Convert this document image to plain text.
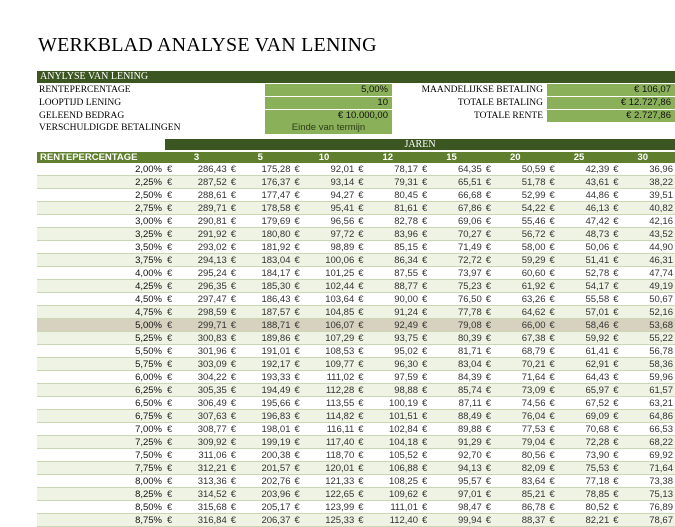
WERKBLAD ANALYSE VAN LENING
ANYLYSE VAN LENING
RENTEPERCENTAGE	5,00%	MAANDELIJKSE BETALING	€ 106,07
LOOPTIJD LENING	10	TOTALE BETALING	€ 12.727,86
GELEEND BEDRAG	€ 10.000,00	TOTALE RENTE	€ 2.727,86
VERSCHULDIGDE BETALINGEN	Einde van termijn
JAREN
RENTEPERCENTAGE	3	5	10	12	15	20	25	30
2,00% €	286,43 €	175,28 €	92,01 €	78,17 €	64,35 €	50,59 €	42,39 €	36,96
2,25% €	287,52 €	176,37 €	93,14 €	79,31 €	65,51 €	51,78 €	43,61 €	38,22
2,50% €	288,61 €	177,47 €	94,27 €	80,45 €	66,68 €	52,99 €	44,86 €	39,51
2,75% €	289,71 €	178,58 €	95,41 €	81,61 €	67,86 €	54,22 €	46,13 €	40,82
3,00% €	290,81 €	179,69 €	96,56 €	82,78 €	69,06 €	55,46 €	47,42 €	42,16
3,25% €	291,92 €	180,80 €	97,72 €	83,96 €	70,27 €	56,72 €	48,73 €	43,52
3,50% €	293,02 €	181,92 €	98,89 €	85,15 €	71,49 €	58,00 €	50,06 €	44,90
3,75% €	294,13 €	183,04 €	100,06 €	86,34 €	72,72 €	59,29 €	51,41 €	46,31
4,00% €	295,24 €	184,17 €	101,25 €	87,55 €	73,97 €	60,60 €	52,78 €	47,74
4,25% €	296,35 €	185,30 €	102,44 €	88,77 €	75,23 €	61,92 €	54,17 €	49,19
4,50% €	297,47 €	186,43 €	103,64 €	90,00 €	76,50 €	63,26 €	55,58 €	50,67
4,75% €	298,59 €	187,57 €	104,85 €	91,24 €	77,78 €	64,62 €	57,01 €	52,16
5,00% €	299,71 €	188,71 €	106,07 €	92,49 €	79,08 €	66,00 €	58,46 €	53,68
5,25% €	300,83 €	189,86 €	107,29 €	93,75 €	80,39 €	67,38 €	59,92 €	55,22
5,50% €	301,96 €	191,01 €	108,53 €	95,02 €	81,71 €	68,79 €	61,41 €	56,78
5,75% €	303,09 €	192,17 €	109,77 €	96,30 €	83,04 €	70,21 €	62,91 €	58,36
6,00% €	304,22 €	193,33 €	111,02 €	97,59 €	84,39 €	71,64 €	64,43 €	59,96
6,25% €	305,35 €	194,49 €	112,28 €	98,88 €	85,74 €	73,09 €	65,97 €	61,57
6,50% €	306,49 €	195,66 €	113,55 €	100,19 €	87,11 €	74,56 €	67,52 €	63,21
6,75% €	307,63 €	196,83 €	114,82 €	101,51 €	88,49 €	76,04 €	69,09 €	64,86
7,00% €	308,77 €	198,01 €	116,11 €	102,84 €	89,88 €	77,53 €	70,68 €	66,53
7,25% €	309,92 €	199,19 €	117,40 €	104,18 €	91,29 €	79,04 €	72,28 €	68,22
7,50% €	311,06 €	200,38 €	118,70 €	105,52 €	92,70 €	80,56 €	73,90 €	69,92
7,75% €	312,21 €	201,57 €	120,01 €	106,88 €	94,13 €	82,09 €	75,53 €	71,64
8,00% €	313,36 €	202,76 €	121,33 €	108,25 €	95,57 €	83,64 €	77,18 €	73,38
8,25% €	314,52 €	203,96 €	122,65 €	109,62 €	97,01 €	85,21 €	78,85 €	75,13
8,50% €	315,68 €	205,17 €	123,99 €	111,01 €	98,47 €	86,78 €	80,52 €	76,89
8,75% €	316,84 €	206,37 €	125,33 €	112,40 €	99,94 €	88,37 €	82,21 €	78,67
